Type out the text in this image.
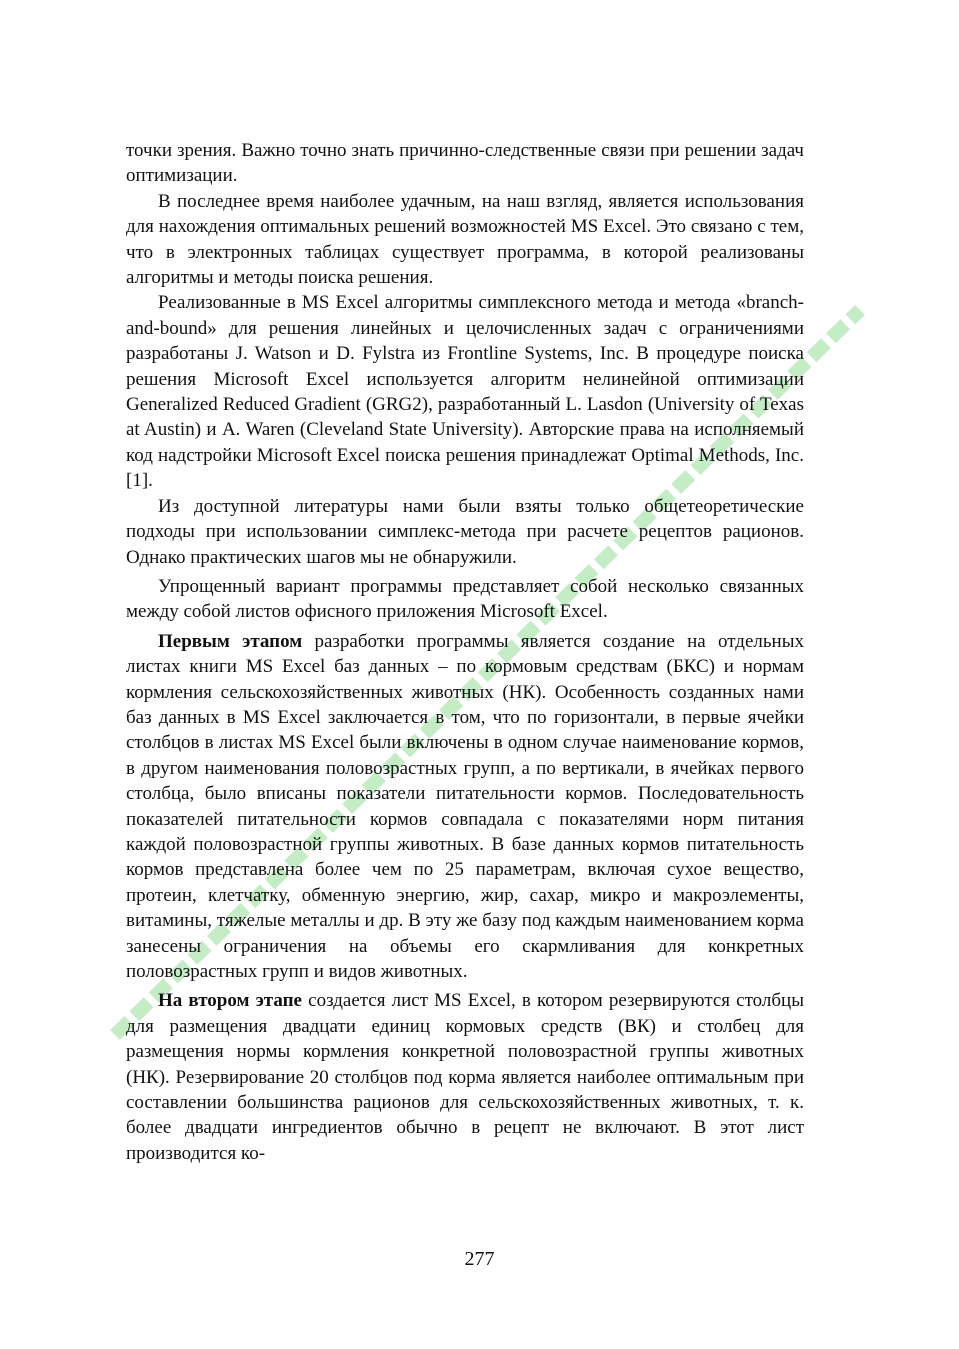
точки зрения. Важно точно знать причинно-следственные связи при решении задач оптимизации.

В последнее время наиболее удачным, на наш взгляд, является использования для нахождения оптимальных решений возможностей MS Excel. Это связано с тем, что в электронных таблицах существует программа, в которой реализованы алгоритмы и методы поиска решения.

Реализованные в MS Excel алгоритмы симплексного метода и метода «branch-and-bound» для решения линейных и целочисленных задач с ограничениями разработаны J. Watson и D. Fylstra из Frontline Systems, Inc. В процедуре поиска решения Microsoft Excel используется алгоритм нелинейной оптимизации Generalized Reduced Gradient (GRG2), разработанный L. Lasdon (University of Texas at Austin) и A. Waren (Cleveland State University). Авторские права на исполняемый код надстройки Microsoft Excel поиска решения принадлежат Optimal Methods, Inc. [1].

Из доступной литературы нами были взяты только общетеоретические подходы при использовании симплекс-метода при расчете рецептов рационов. Однако практических шагов мы не обнаружили.

Упрощенный вариант программы представляет собой несколько связанных между собой листов офисного приложения Microsoft Excel.

Первым этапом разработки программы является создание на отдельных листах книги MS Excel баз данных – по кормовым средствам (БКС) и нормам кормления сельскохозяйственных животных (НК). Особенность созданных нами баз данных в MS Excel заключается в том, что по горизонтали, в первые ячейки столбцов в листах MS Excel были включены в одном случае наименование кормов, в другом наименования половозрастных групп, а по вертикали, в ячейках первого столбца, было вписаны показатели питательности кормов. Последовательность показателей питательности кормов совпадала с показателями норм питания каждой половозрастной группы животных. В базе данных кормов питательность кормов представлена более чем по 25 параметрам, включая сухое вещество, протеин, клетчатку, обменную энергию, жир, сахар, микро и макроэлементы, витамины, тяжелые металлы и др. В эту же базу под каждым наименованием корма занесены ограничения на объемы его скармливания для конкретных половозрастных групп и видов животных.

На втором этапе создается лист MS Excel, в котором резервируются столбцы для размещения двадцати единиц кормовых средств (ВК) и столбец для размещения нормы кормления конкретной половозрастной группы животных (НК). Резервирование 20 столбцов под корма является наиболее оптимальным при составлении большинства рационов для сельскохозяйственных животных, т. к. более двадцати ингредиентов обычно в рецепт не включают. В этот лист производится ко-

277
